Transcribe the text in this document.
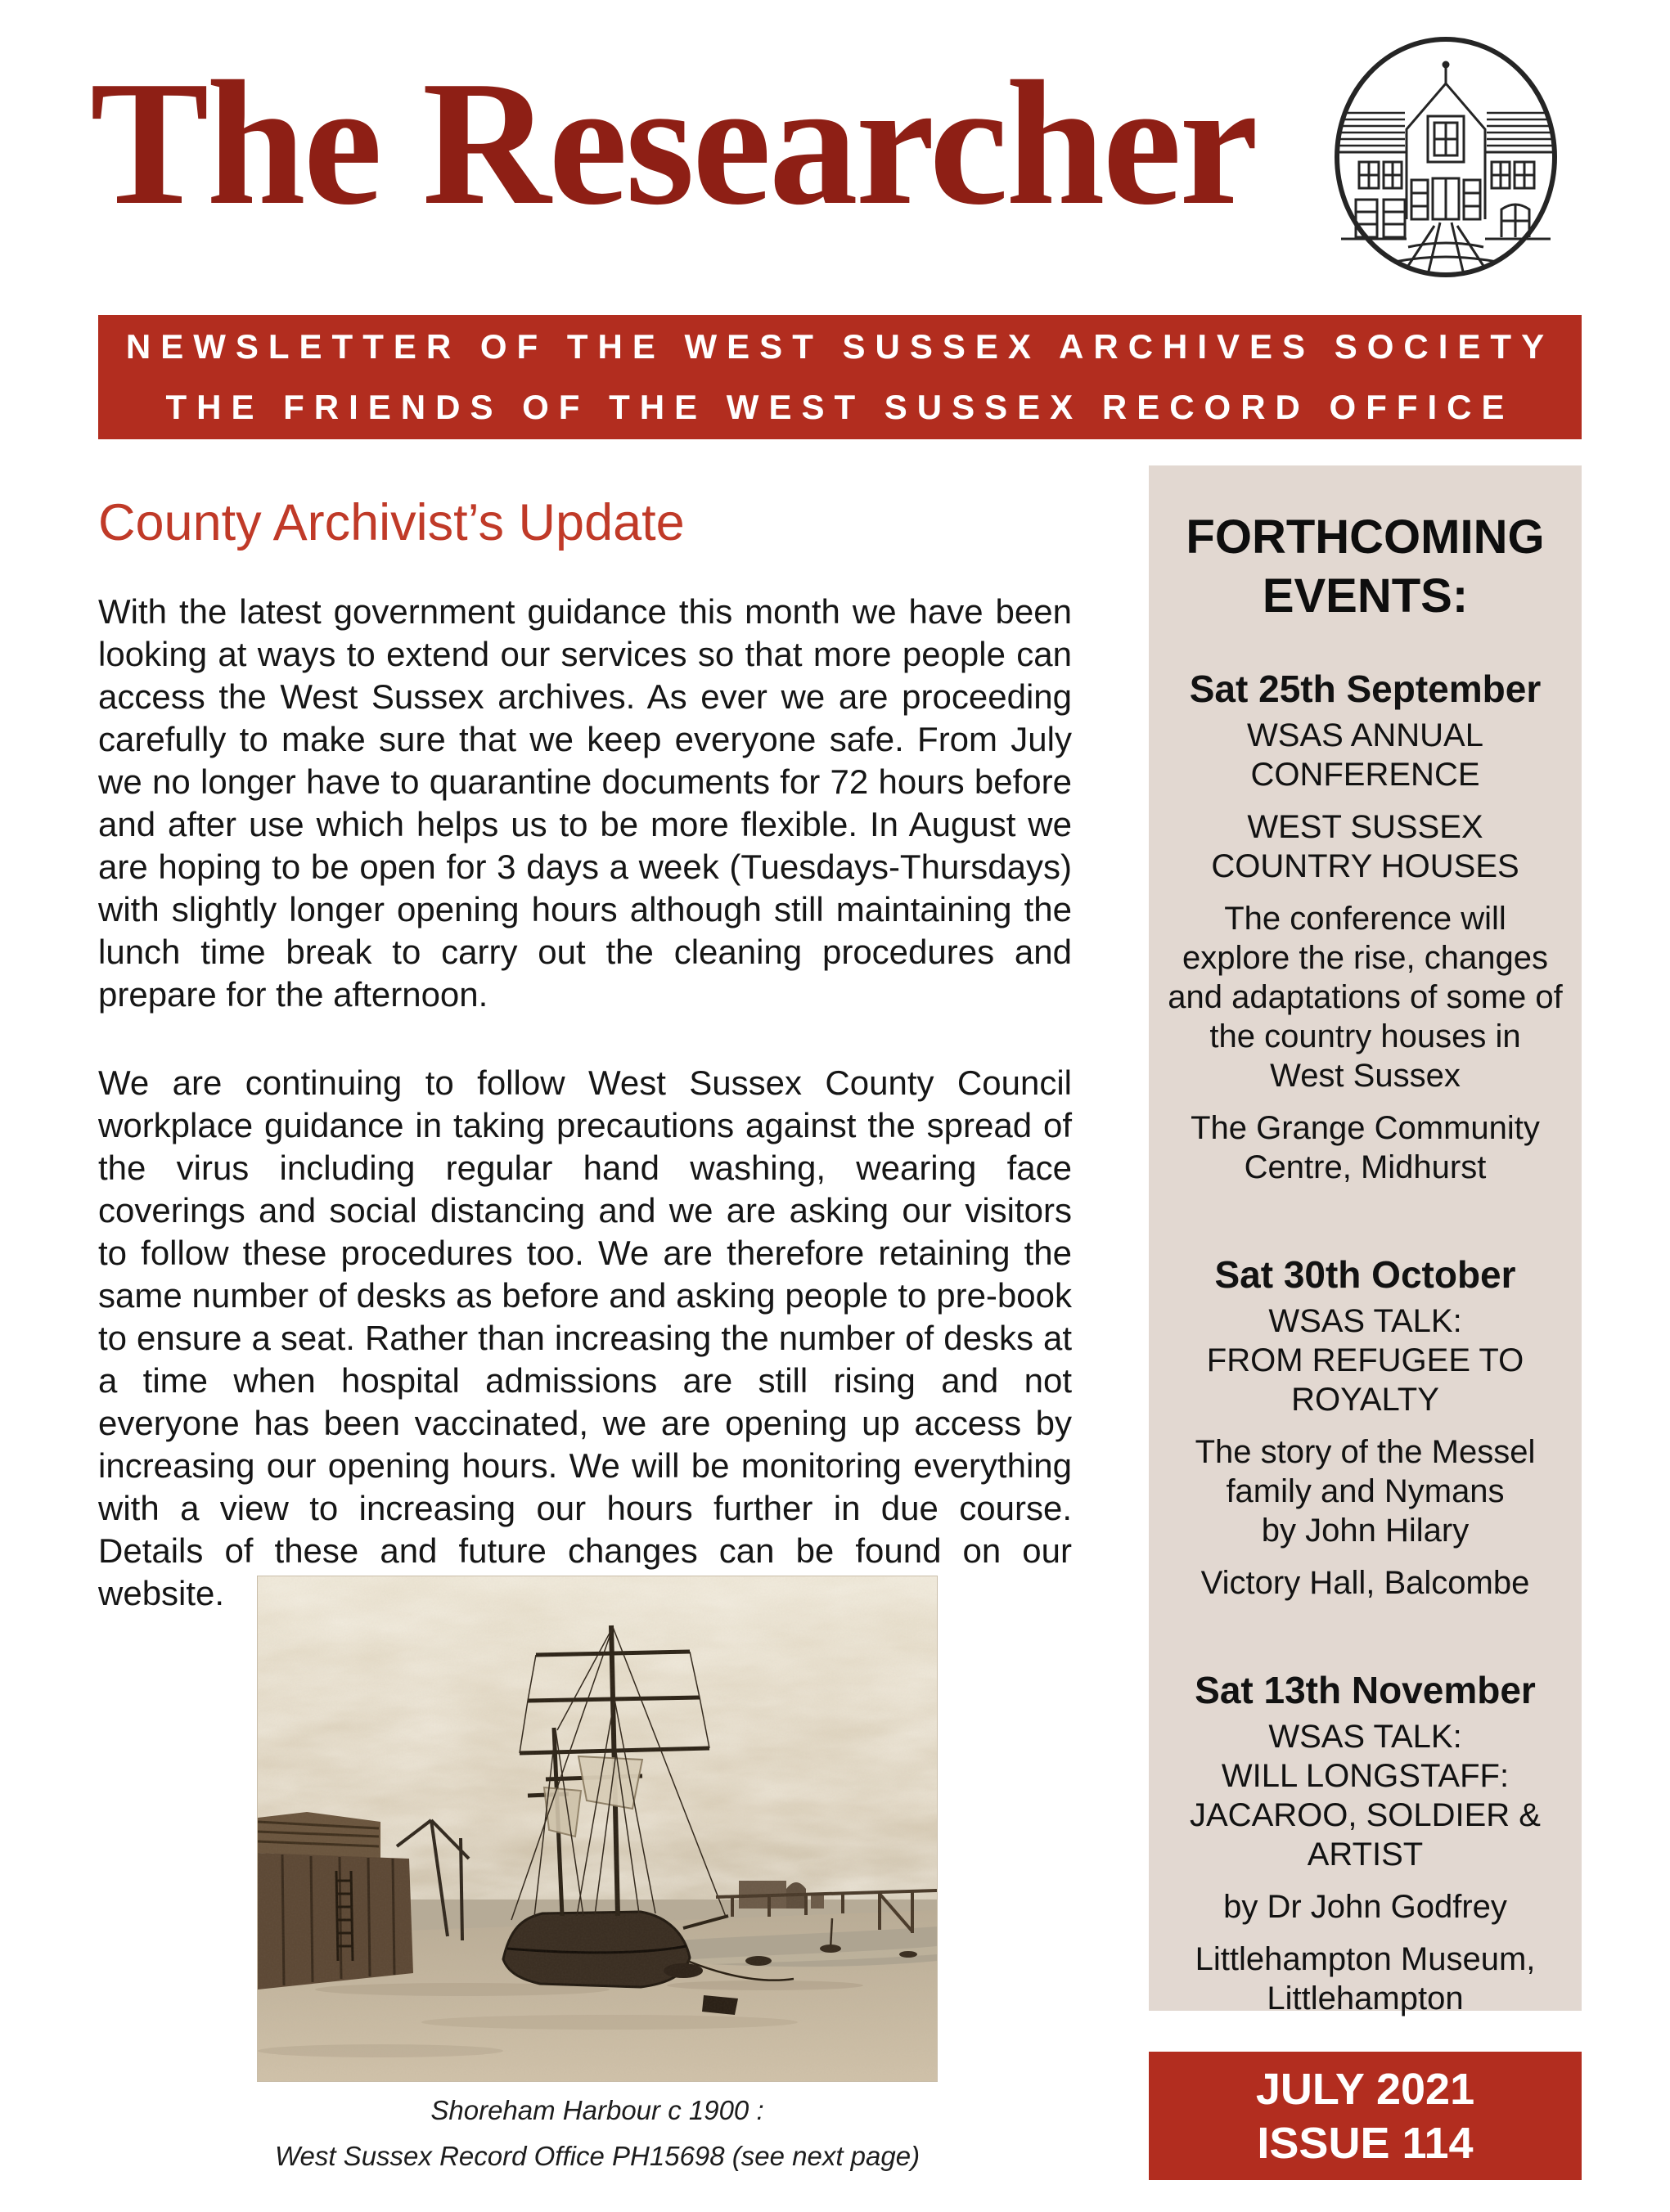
The Researcher
NEWSLETTER OF THE WEST SUSSEX ARCHIVES SOCIETY
THE FRIENDS OF THE WEST SUSSEX RECORD OFFICE
County Archivist’s Update

With the latest government guidance this month we have been looking at ways to extend our services so that more people can access the West Sussex archives. As ever we are proceeding carefully to make sure that we keep everyone safe. From July we no longer have to quarantine documents for 72 hours before and after use which helps us to be more flexible. In August we are hoping to be open for 3 days a week (Tuesdays-Thursdays) with slightly longer opening hours although still maintaining the lunch time break to carry out the cleaning procedures and prepare for the afternoon.

We are continuing to follow West Sussex County Council workplace guidance in taking precautions against the spread of the virus including regular hand washing, wearing face coverings and social distancing and we are asking our visitors to follow these procedures too. We are therefore retaining the same number of desks as before and asking people to pre-book to ensure a seat. Rather than increasing the number of desks at a time when hospital admissions are still rising and not everyone has been vaccinated, we are opening up access by increasing our opening hours. We will be monitoring everything with a view to increasing our hours further in due course. Details of these and future changes can be found on our website.

Shoreham Harbour c 1900 :
West Sussex Record Office PH15698 (see next page)
FORTHCOMING EVENTS:
Sat 25th September
WSAS ANNUAL
CONFERENCE
WEST SUSSEX
COUNTRY HOUSES
The conference will
explore the rise, changes
and adaptations of some of
the country houses in
West Sussex
The Grange Community
Centre, Midhurst
Sat 30th October
WSAS TALK:
FROM REFUGEE TO
ROYALTY
The story of the Messel
family and Nymans
by John Hilary
Victory Hall, Balcombe
Sat 13th November
WSAS TALK:
WILL LONGSTAFF:
JACAROO, SOLDIER &
ARTIST
by Dr John Godfrey
Littlehampton Museum,
Littlehampton
JULY 2021
ISSUE 114
